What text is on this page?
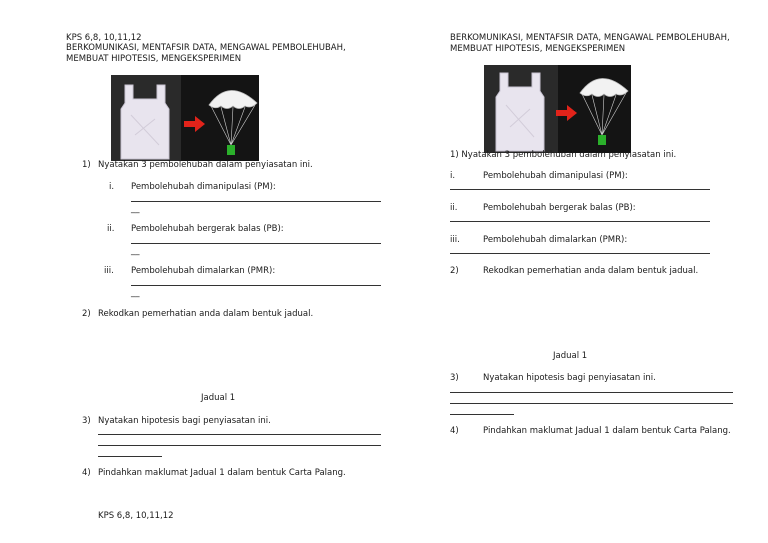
KPS 6,8, 10,11,12
BERKOMUNIKASI, MENTAFSIR DATA, MENGAWAL PEMBOLEHUBAH, MEMBUAT HIPOTESIS, MENGEKSPERIMEN
1) Nyatakan 3 pembolehubah dalam penyiasatan ini.
i. Pembolehubah dimanipulasi (PM):
__
ii. Pembolehubah bergerak balas (PB):
__
iii. Pembolehubah dimalarkan (PMR):
__
2) Rekodkan pemerhatian anda dalam bentuk jadual.
Jadual 1
3) Nyatakan hipotesis bagi penyiasatan ini.
4) Pindahkan maklumat Jadual 1 dalam bentuk Carta Palang.
KPS 6,8, 10,11,12
BERKOMUNIKASI, MENTAFSIR DATA, MENGAWAL PEMBOLEHUBAH, MEMBUAT HIPOTESIS, MENGEKSPERIMEN
1) Nyatakan 3 pembolehubah dalam penyiasatan ini.
i.	Pembolehubah dimanipulasi (PM):
ii.	Pembolehubah bergerak balas (PB):
iii.	Pembolehubah dimalarkan (PMR):
2)	Rekodkan pemerhatian anda dalam bentuk jadual.
Jadual 1
3)	Nyatakan hipotesis bagi penyiasatan ini.
4)	Pindahkan maklumat Jadual 1 dalam bentuk Carta Palang.
